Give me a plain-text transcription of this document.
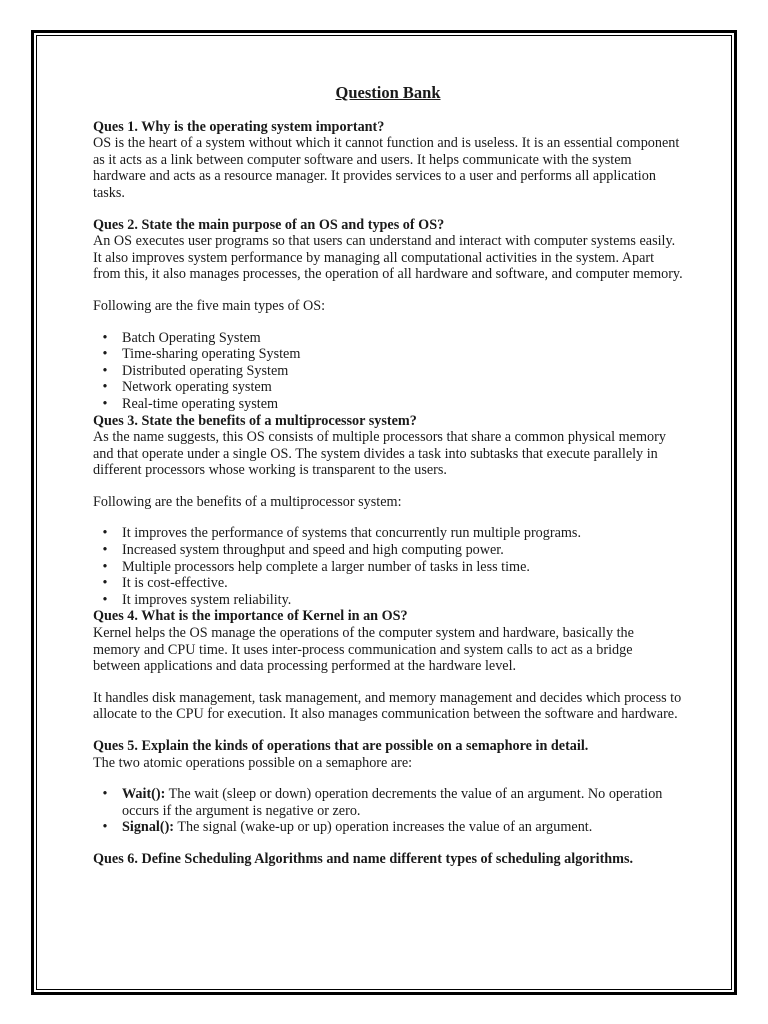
Question Bank

Ques 1. Why is the operating system important?

OS is the heart of a system without which it cannot function and is useless. It is an essential component as it acts as a link between computer software and users. It helps communicate with the system hardware and acts as a resource manager. It provides services to a user and performs all application tasks.

Ques 2. State the main purpose of an OS and types of OS?

An OS executes user programs so that users can understand and interact with computer systems easily. It also improves system performance by managing all computational activities in the system. Apart from this, it also manages processes, the operation of all hardware and software, and computer memory.

Following are the five main types of OS:

• Batch Operating System
• Time-sharing operating System
• Distributed operating System
• Network operating system
• Real-time operating system

Ques 3. State the benefits of a multiprocessor system?

As the name suggests, this OS consists of multiple processors that share a common physical memory and that operate under a single OS. The system divides a task into subtasks that execute parallely in different processors whose working is transparent to the users.

Following are the benefits of a multiprocessor system:

• It improves the performance of systems that concurrently run multiple programs.
• Increased system throughput and speed and high computing power.
• Multiple processors help complete a larger number of tasks in less time.
• It is cost-effective.
• It improves system reliability.

Ques 4. What is the importance of Kernel in an OS?

Kernel helps the OS manage the operations of the computer system and hardware, basically the memory and CPU time. It uses inter-process communication and system calls to act as a bridge between applications and data processing performed at the hardware level.

It handles disk management, task management, and memory management and decides which process to allocate to the CPU for execution. It also manages communication between the software and hardware.

Ques 5. Explain the kinds of operations that are possible on a semaphore in detail.

The two atomic operations possible on a semaphore are:

• Wait(): The wait (sleep or down) operation decrements the value of an argument. No operation occurs if the argument is negative or zero.
• Signal(): The signal (wake-up or up) operation increases the value of an argument.

Ques 6. Define Scheduling Algorithms and name different types of scheduling algorithms.
